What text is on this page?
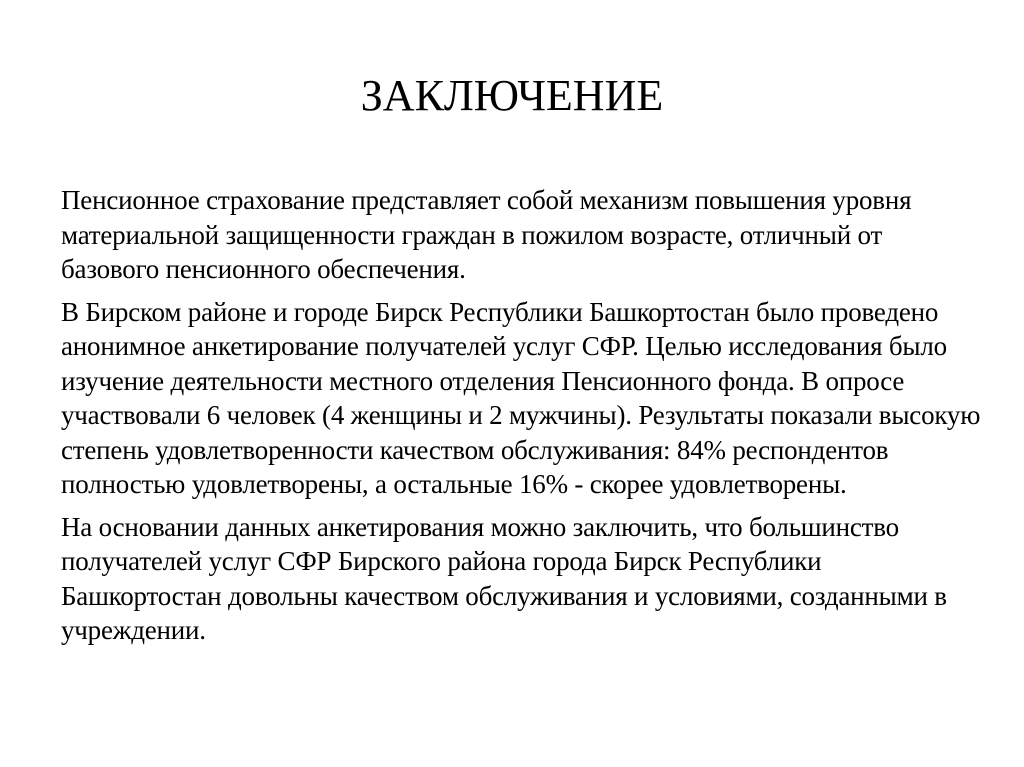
ЗАКЛЮЧЕНИЕ

Пенсионное страхование представляет собой механизм повышения уровня материальной защищенности граждан в пожилом возрасте, отличный от базового пенсионного обеспечения.

В Бирском районе и городе Бирск Республики Башкортостан было проведено анонимное анкетирование получателей услуг СФР. Целью исследования было изучение деятельности местного отделения Пенсионного фонда. В опросе участвовали 6 человек (4 женщины и 2 мужчины). Результаты показали высокую степень удовлетворенности качеством обслуживания: 84% респондентов полностью удовлетворены, а остальные 16% - скорее удовлетворены.

На основании данных анкетирования можно заключить, что большинство получателей услуг СФР Бирского района города Бирск Республики Башкортостан довольны качеством обслуживания и условиями, созданными в учреждении.
